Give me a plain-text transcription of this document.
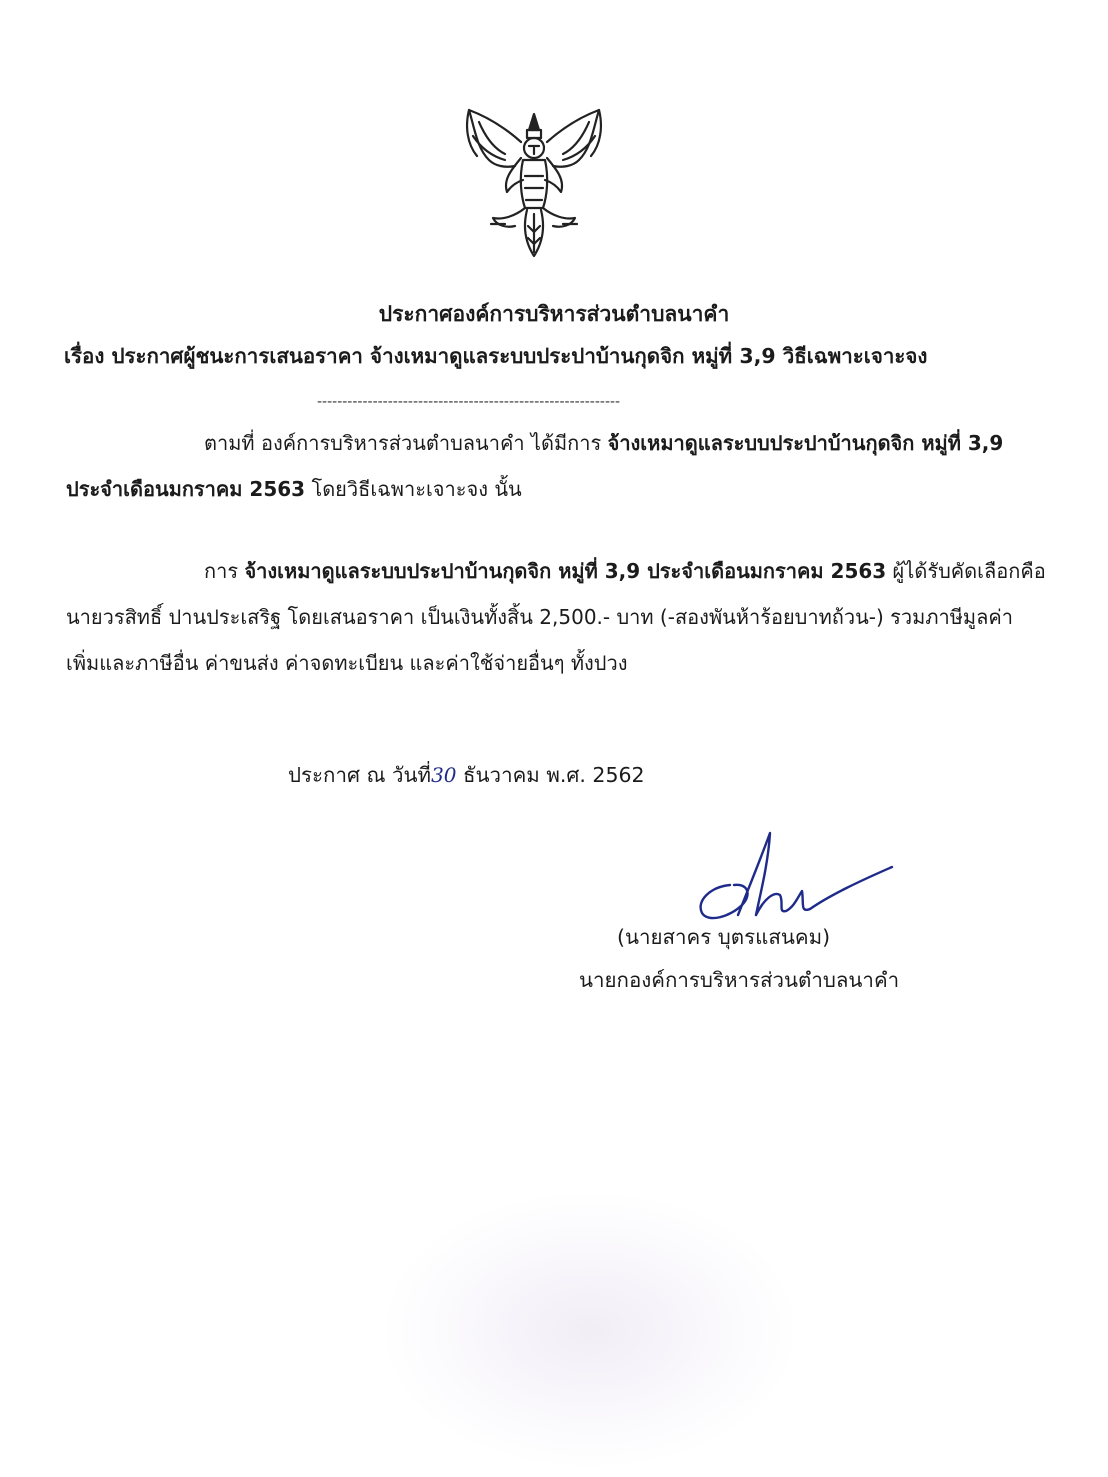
ประกาศองค์การบริหารส่วนตำบลนาคำ
เรื่อง ประกาศผู้ชนะการเสนอราคา จ้างเหมาดูแลระบบประปาบ้านกุดจิก หมู่ที่ 3,9 วิธีเฉพาะเจาะจง
------------------------------------------------------------
ตามที่ องค์การบริหารส่วนตำบลนาคำ ได้มีการ จ้างเหมาดูแลระบบประปาบ้านกุดจิก หมู่ที่ 3,9 ประจำเดือนมกราคม 2563 โดยวิธีเฉพาะเจาะจง นั้น
การ จ้างเหมาดูแลระบบประปาบ้านกุดจิก หมู่ที่ 3,9 ประจำเดือนมกราคม 2563 ผู้ได้รับคัดเลือกคือ นายวรสิทธิ์ ปานประเสริฐ โดยเสนอราคา เป็นเงินทั้งสิ้น 2,500.- บาท (-สองพันห้าร้อยบาทถ้วน-) รวมภาษีมูลค่าเพิ่มและภาษีอื่น ค่าขนส่ง ค่าจดทะเบียน และค่าใช้จ่ายอื่นๆ ทั้งปวง
ประกาศ ณ วันที่30 ธันวาคม พ.ศ. 2562
(นายสาคร บุตรแสนคม)
นายกองค์การบริหารส่วนตำบลนาคำ
